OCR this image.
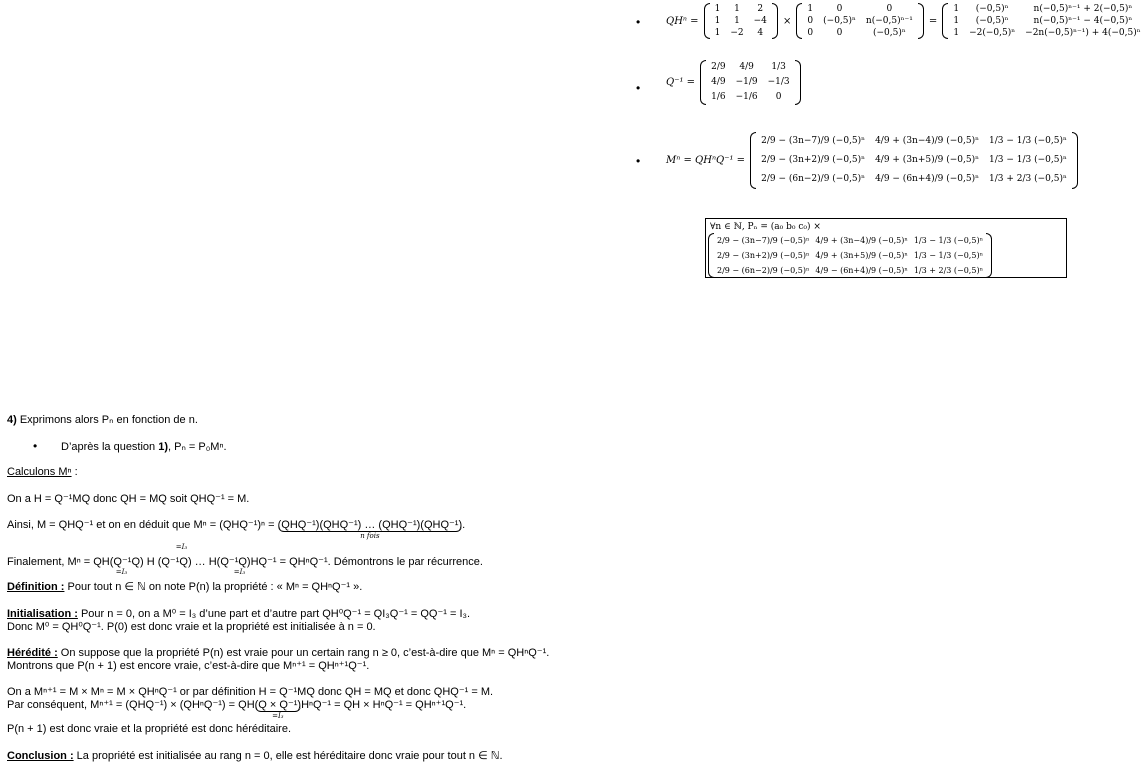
•	QHⁿ =
1	1	2
1	1	−4
1	−2	4
×
1	0	0
0	(−0,5)ⁿ	n(−0,5)ⁿ⁻¹
0	0	(−0,5)ⁿ
=
1	(−0,5)ⁿ	n(−0,5)ⁿ⁻¹ + 2(−0,5)ⁿ
1	(−0,5)ⁿ	n(−0,5)ⁿ⁻¹ − 4(−0,5)ⁿ
1	−2(−0,5)ⁿ	−2n(−0,5)ⁿ⁻¹) + 4(−0,5)ⁿ
•	Q⁻¹ =
2/9	4/9	1/3
4/9	−1/9	−1/3
1/6	−1/6	0
•	Mⁿ = QHⁿQ⁻¹ =
2/9 − (3n−7)/9 (−0,5)ⁿ	4/9 + (3n−4)/9 (−0,5)ⁿ	1/3 − 1/3 (−0,5)ⁿ
2/9 − (3n+2)/9 (−0,5)ⁿ	4/9 + (3n+5)/9 (−0,5)ⁿ	1/3 − 1/3 (−0,5)ⁿ
2/9 − (6n−2)/9 (−0,5)ⁿ	4/9 − (6n+4)/9 (−0,5)ⁿ	1/3 + 2/3 (−0,5)ⁿ
∀n ∈ ℕ, Pₙ = (a₀ b₀ c₀) ×
2/9 − (3n−7)/9 (−0,5)ⁿ	4/9 + (3n−4)/9 (−0,5)ⁿ	1/3 − 1/3 (−0,5)ⁿ
2/9 − (3n+2)/9 (−0,5)ⁿ	4/9 + (3n+5)/9 (−0,5)ⁿ	1/3 − 1/3 (−0,5)ⁿ
2/9 − (6n−2)/9 (−0,5)ⁿ	4/9 − (6n+4)/9 (−0,5)ⁿ	1/3 + 2/3 (−0,5)ⁿ
4) Exprimons alors Pₙ en fonction de n.
• D’après la question 1), Pₙ = P₀Mⁿ.
Calculons Mⁿ :
On a H = Q⁻¹MQ donc QH = MQ soit QHQ⁻¹ = M.
Ainsi, M = QHQ⁻¹ et on en déduit que Mⁿ = (QHQ⁻¹)ⁿ = (QHQ⁻¹)(QHQ⁻¹) … (QHQ⁻¹)(QHQ⁻¹)
n fois
.
Finalement, Mⁿ = QH(Q⁻¹Q) H (Q⁻¹Q) … H(Q⁻¹Q)HQ⁻¹
=I₃
=I₃
=I₃
= QHⁿQ⁻¹. Démontrons le par récurrence.
Définition : Pour tout n ∈ ℕ on note P(n) la propriété : « Mⁿ = QHⁿQ⁻¹ ».
Initialisation : Pour n = 0, on a M⁰ = I₃ d’une part et d’autre part QH⁰Q⁻¹ = QI₃Q⁻¹ = QQ⁻¹ = I₃.
Donc M⁰ = QH⁰Q⁻¹. P(0) est donc vraie et la propriété est initialisée à n = 0.
Hérédité : On suppose que la propriété P(n) est vraie pour un certain rang n ≥ 0, c’est-à-dire que Mⁿ = QHⁿQ⁻¹.
Montrons que P(n + 1) est encore vraie, c’est-à-dire que Mⁿ⁺¹ = QHⁿ⁺¹Q⁻¹.
On a Mⁿ⁺¹ = M × Mⁿ = M × QHⁿQ⁻¹ or par définition H = Q⁻¹MQ donc QH = MQ et donc QHQ⁻¹ = M.
Par conséquent, Mⁿ⁺¹ = (QHQ⁻¹) × (QHⁿQ⁻¹) = QH(Q × Q⁻¹)
=I₃
HⁿQ⁻¹ = QH × HⁿQ⁻¹ = QHⁿ⁺¹Q⁻¹.
P(n + 1) est donc vraie et la propriété est donc héréditaire.
Conclusion : La propriété est initialisée au rang n = 0, elle est héréditaire donc vraie pour tout n ∈ ℕ.
